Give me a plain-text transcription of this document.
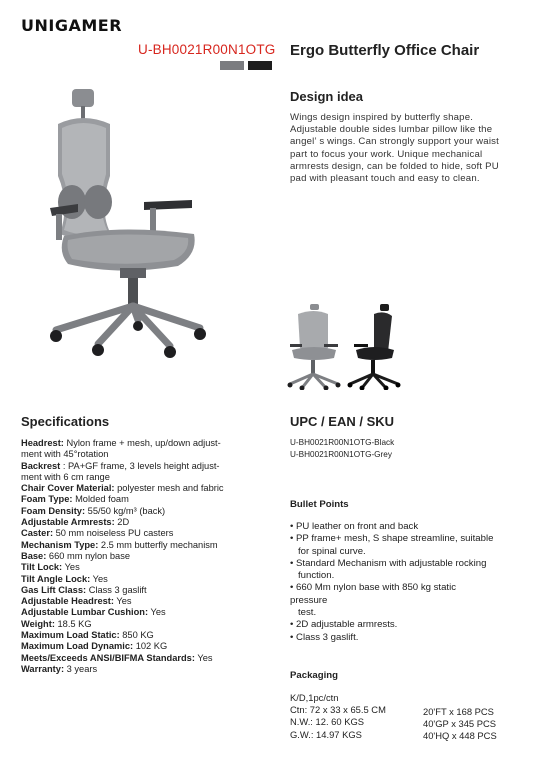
UNIGAMER
U-BH0021R00N1OTG Ergo Butterfly Office Chair
Design idea
Wings design inspired by butterfly shape.
Adjustable double sides lumbar pillow like the
angel’ s wings. Can strongly support your waist
part to focus your work. Unique mechanical
armrests design, can be folded to hide, soft PU
pad with pleasant touch and easy to clean.
Specifications
Headrest: Nylon frame + mesh, up/down adjust-
ment with 45°rotation
Backrest : PA+GF frame, 3 levels height adjust-
ment with 6 cm range
Chair Cover Material: polyester mesh and fabric
Foam Type: Molded foam
Foam Density: 55/50 kg/m³ (back)
Adjustable Armrests: 2D
Caster: 50 mm noiseless PU casters
Mechanism Type: 2.5 mm butterfly mechanism
Base: 660 mm nylon base
Tilt Lock: Yes
Tilt Angle Lock: Yes
Gas Lift Class: Class 3 gaslift
Adjustable Headrest: Yes
Adjustable Lumbar Cushion: Yes
Weight: 18.5 KG
Maximum Load Static: 850 KG
Maximum Load Dynamic: 102 KG
Meets/Exceeds ANSI/BIFMA Standards: Yes
Warranty: 3 years
UPC / EAN / SKU
U-BH0021R00N1OTG-Black
U-BH0021R00N1OTG-Grey
Bullet Points
• PU leather on front and back
• PP frame+ mesh, S shape streamline, suitable
for spinal curve.
• Standard Mechanism with adjustable rocking
function.
• 660 Mm nylon base with 850 kg static
pressure
test.
• 2D adjustable armrests.
• Class 3 gaslift.
Packaging
K/D,1pc/ctn
Ctn: 72 x 33 x 65.5 CM
N.W.: 12. 60 KGS
G.W.: 14.97 KGS
20'FT x 168 PCS
40'GP x 345 PCS
40'HQ x 448 PCS
